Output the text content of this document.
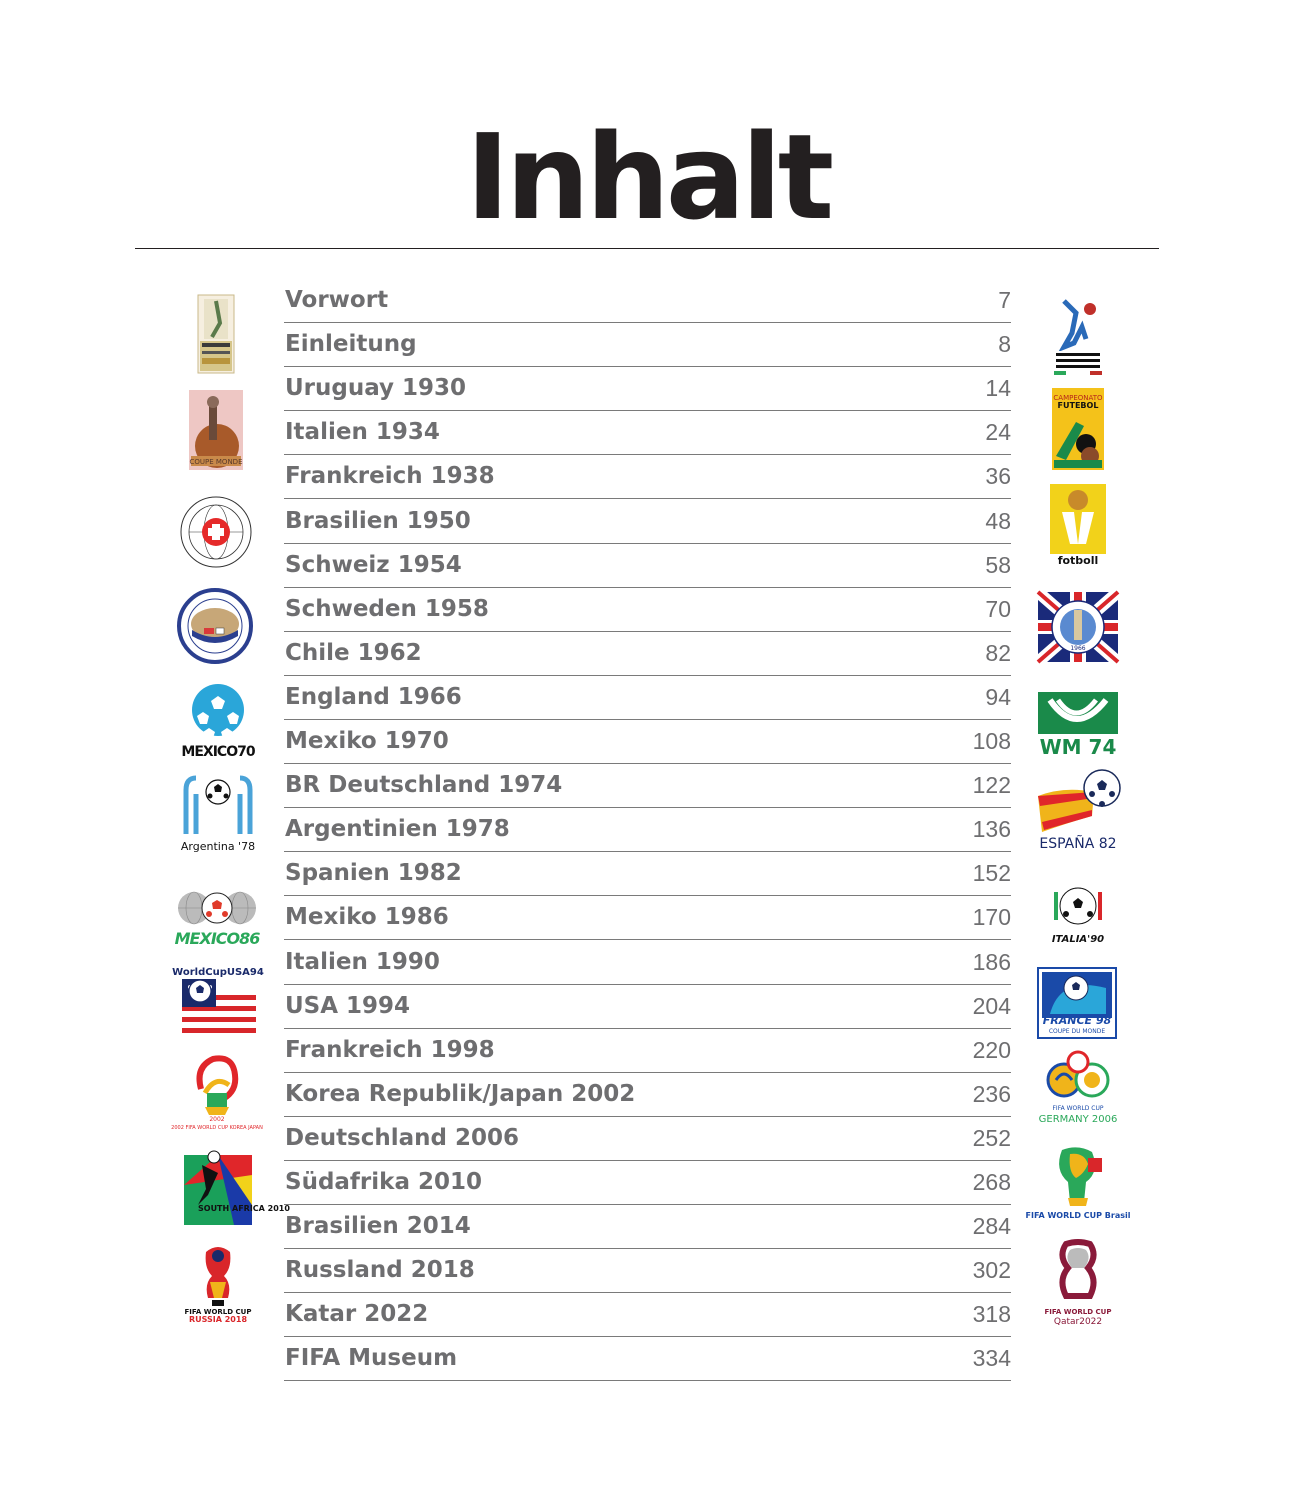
Inhalt
Vorwort	7
Einleitung	8
Uruguay 1930	14
Italien 1934	24
Frankreich 1938	36
Brasilien 1950	48
Schweiz 1954	58
Schweden 1958	70
Chile 1962	82
England 1966	94
Mexiko 1970	108
BR Deutschland 1974	122
Argentinien 1978	136
Spanien 1982	152
Mexiko 1986	170
Italien 1990	186
USA 1994	204
Frankreich 1998	220
Korea Republik/Japan 2002	236
Deutschland 2006	252
Südafrika 2010	268
Brasilien 2014	284
Russland 2018	302
Katar 2022	318
FIFA Museum	334
COUPE MONDE
MEXICO70
Argentina '78
MEXICO86
WorldCupUSA94
2002
2002 FIFA WORLD CUP KOREA JAPAN
SOUTH AFRICA 2010
FIFA WORLD CUP
RUSSIA 2018
CAMPEONATO
FUTEBOL
fotboll
1966
WM 74
ESPAÑA 82
ITALIA'90
FRANCE 98
COUPE DU MONDE
FIFA WORLD CUP
GERMANY 2006
FIFA WORLD CUP Brasil
FIFA WORLD CUP
Qatar2022
